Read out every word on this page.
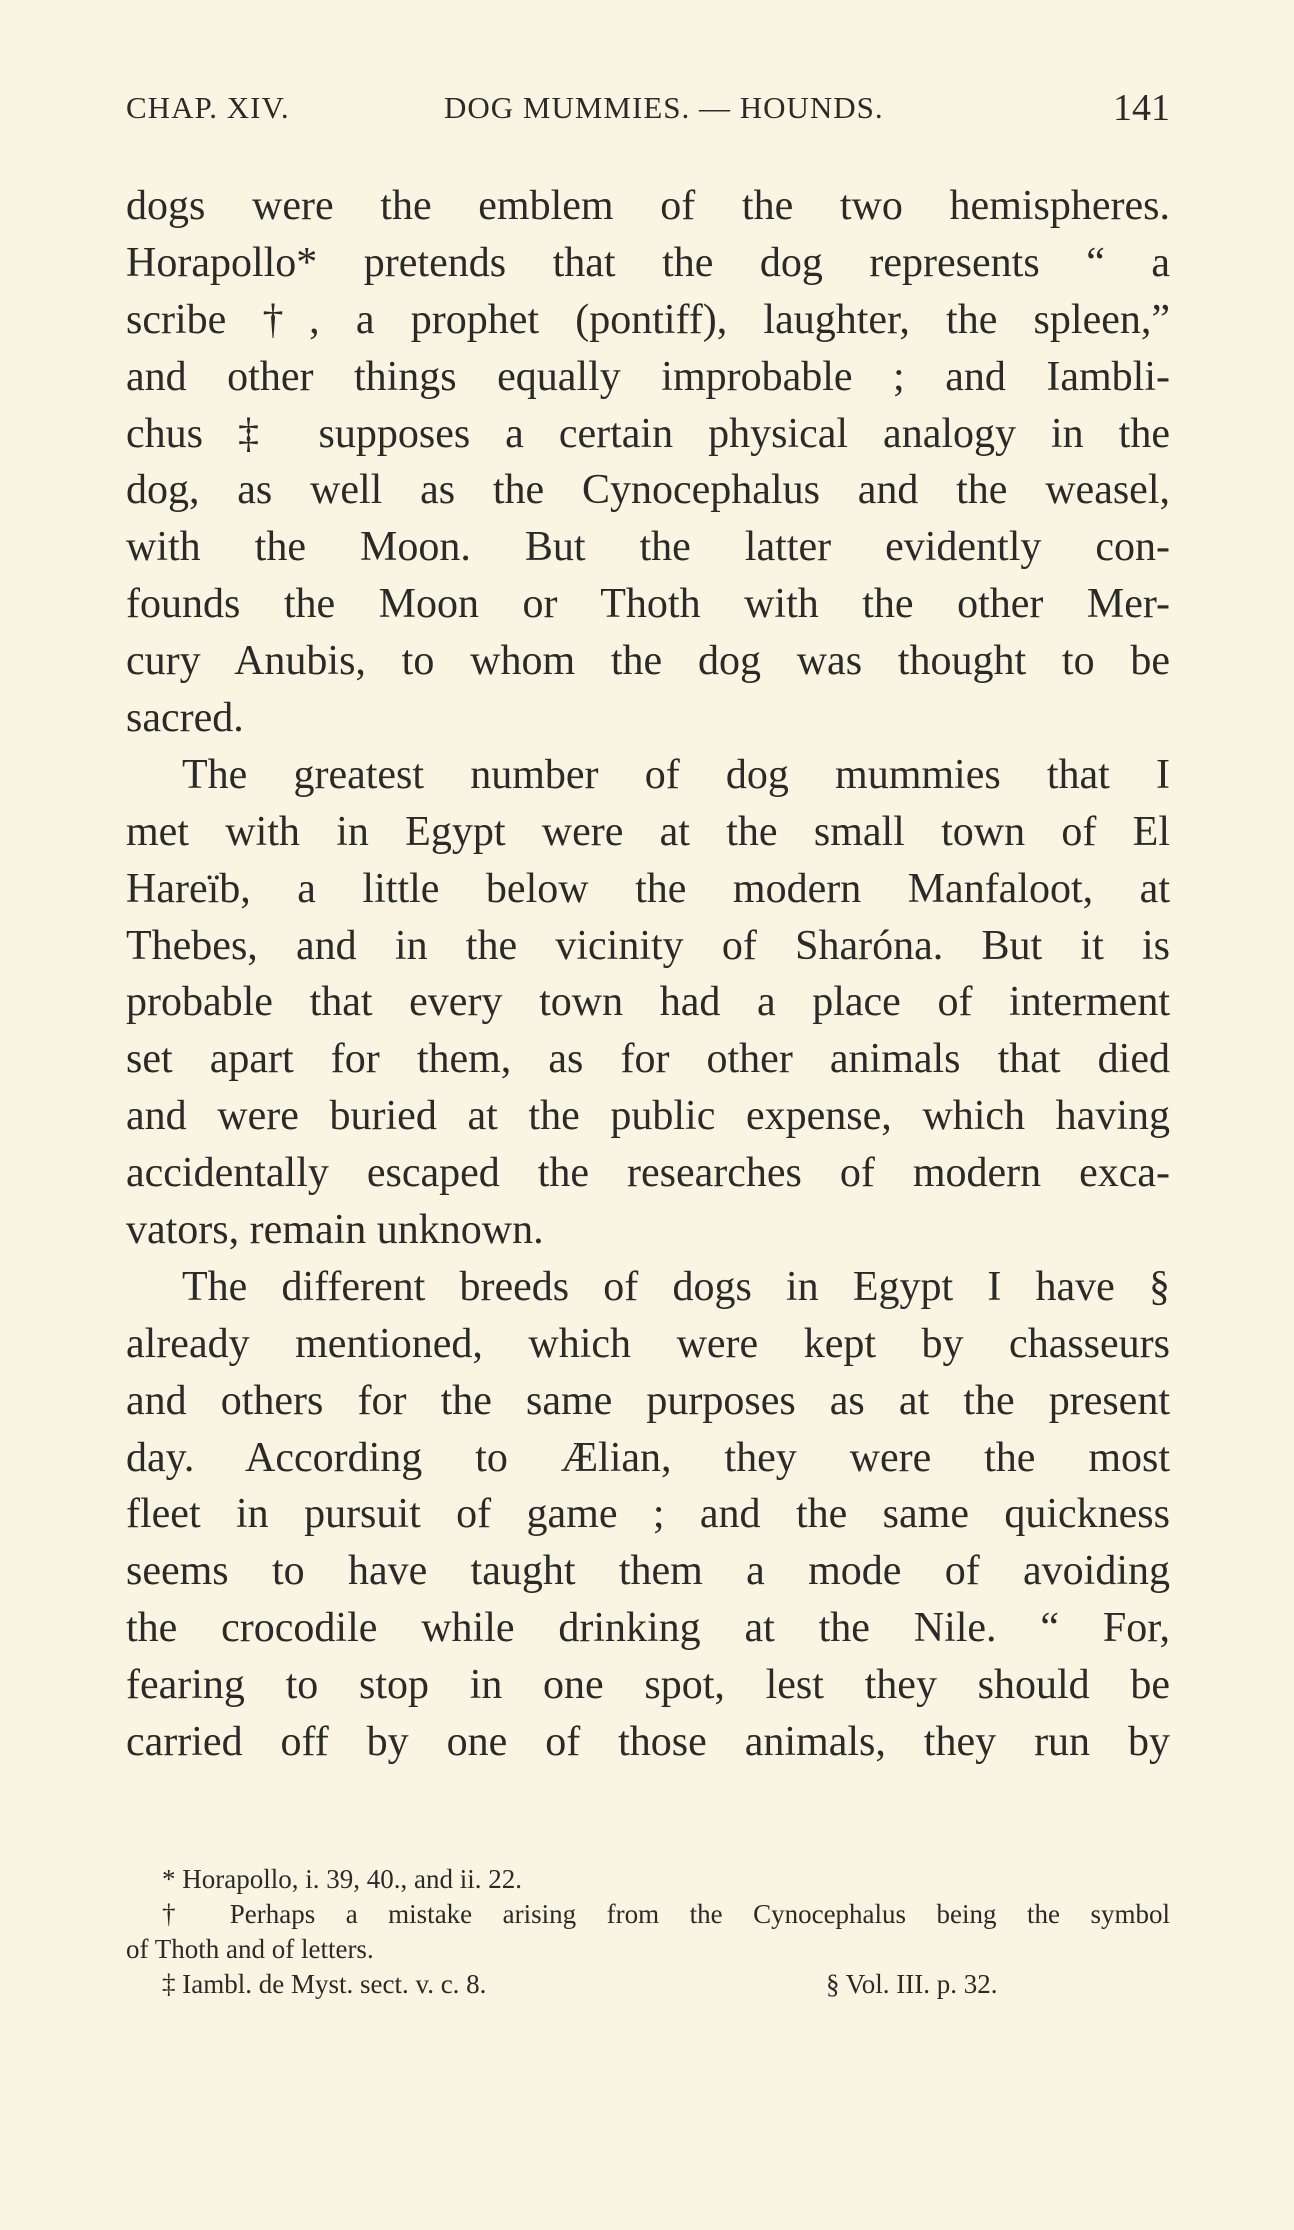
CHAP. XIV.	DOG MUMMIES. — HOUNDS.	141
dogs were the emblem of the two hemispheres.
Horapollo* pretends that the dog represents “ a
scribe †, a prophet (pontiff), laughter, the spleen,”
and other things equally improbable ; and Iambli-
chus ‡ supposes a certain physical analogy in the
dog, as well as the Cynocephalus and the weasel,
with the Moon. But the latter evidently con-
founds the Moon or Thoth with the other Mer-
cury Anubis, to whom the dog was thought to be
sacred.
The greatest number of dog mummies that I
met with in Egypt were at the small town of El
Hareïb, a little below the modern Manfaloot, at
Thebes, and in the vicinity of Sharóna. But it is
probable that every town had a place of interment
set apart for them, as for other animals that died
and were buried at the public expense, which having
accidentally escaped the researches of modern exca-
vators, remain unknown.
The different breeds of dogs in Egypt I have §
already mentioned, which were kept by chasseurs
and others for the same purposes as at the present
day. According to Ælian, they were the most
fleet in pursuit of game ; and the same quickness
seems to have taught them a mode of avoiding
the crocodile while drinking at the Nile. “ For,
fearing to stop in one spot, lest they should be
carried off by one of those animals, they run by
* Horapollo, i. 39, 40., and ii. 22.
† Perhaps a mistake arising from the Cynocephalus being the symbol
of Thoth and of letters.
‡ Iambl. de Myst. sect. v. c. 8.	§ Vol. III. p. 32.
